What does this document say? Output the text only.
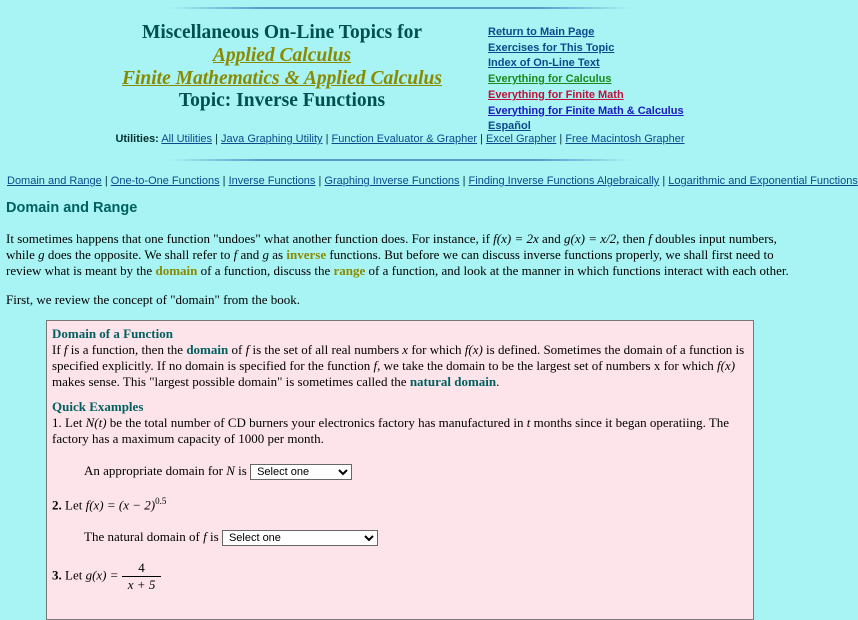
Miscellaneous On-Line Topics for
Applied Calculus
Finite Mathematics & Applied Calculus
Topic: Inverse Functions
Return to Main Page
Exercises for This Topic
Index of On-Line Text
Everything for Calculus
Everything for Finite Math
Everything for Finite Math & Calculus
Español
Utilities: All Utilities | Java Graphing Utility | Function Evaluator & Grapher | Excel Grapher | Free Macintosh Grapher
Domain and Range | One-to-One Functions | Inverse Functions | Graphing Inverse Functions | Finding Inverse Functions Algebraically | Logarithmic and Exponential Functions
Domain and Range
It sometimes happens that one function "undoes" what another function does. For instance, if f(x) = 2x and g(x) = x/2, then f doubles input numbers, while g does the opposite. We shall refer to f and g as inverse functions. But before we can discuss inverse functions properly, we shall first need to review what is meant by the domain of a function, discuss the range of a function, and look at the manner in which functions interact with each other.
First, we review the concept of "domain" from the book.
Domain of a Function
If f is a function, then the domain of f is the set of all real numbers x for which f(x) is defined. Sometimes the domain of a function is specified explicitly. If no domain is specified for the function f, we take the domain to be the largest set of numbers x for which f(x) makes sense. This "largest possible domain" is sometimes called the natural domain.
Quick Examples
1. Let N(t) be the total number of CD burners your electronics factory has manufactured in t months since it began operatiing. The factory has a maximum capacity of 1000 per month.
An appropriate domain for N is
Select one
2. Let $f(x) = (x - 2)^{0.5}$
The natural domain of f is
Select one
3. Let $g(x) = \frac{4}{x + 5}$
